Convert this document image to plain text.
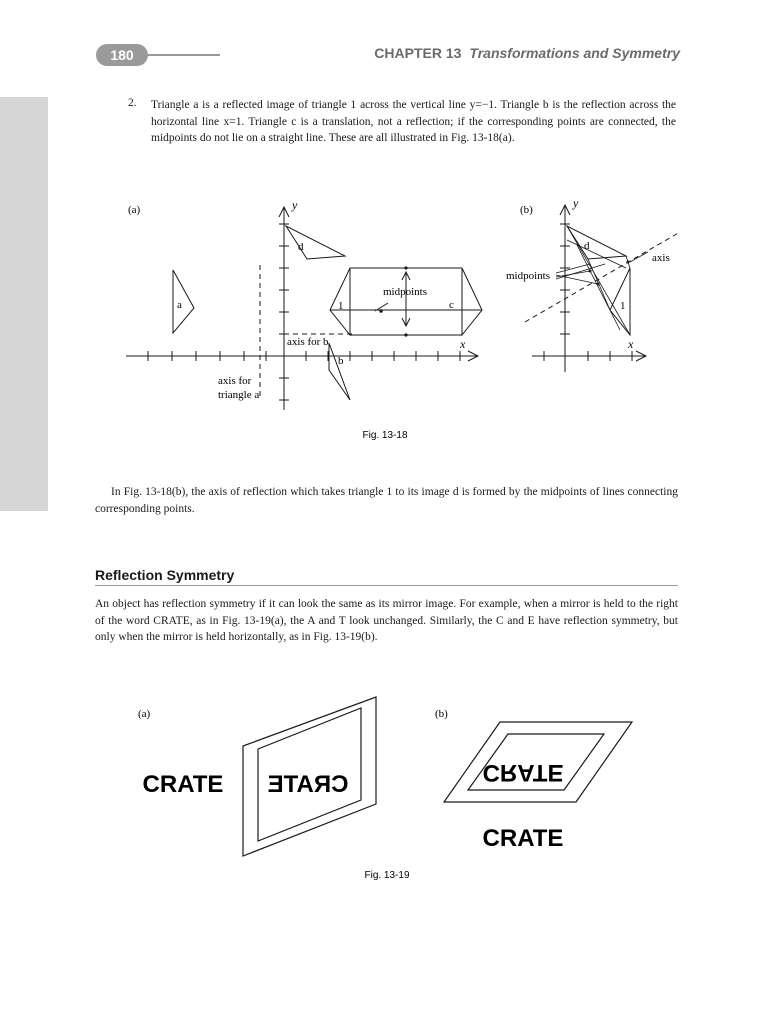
180	CHAPTER 13 Transformations and Symmetry
2. Triangle a is a reflected image of triangle 1 across the vertical line y=−1. Triangle b is the reflection across the horizontal line x=1. Triangle c is a translation, not a reflection; if the corresponding points are connected, the midpoints do not lie on a straight line. These are all illustrated in Fig. 13-18(a).
(a)	y
x
a	1	c
b
d
midpoints
axis for b
axis for
triangle a
(b)	y
x
d
1
midpoints
axis
Fig. 13-18
In Fig. 13-18(b), the axis of reflection which takes triangle 1 to its image d is formed by the midpoints of lines connecting corresponding points.
Reflection Symmetry
An object has reflection symmetry if it can look the same as its mirror image. For example, when a mirror is held to the right of the word CRATE, as in Fig. 13-19(a), the A and T look unchanged. Similarly, the C and E have reflection symmetry, but only when the mirror is held horizontally, as in Fig. 13-19(b).
(a)	(b)
CRATE CRATE	CRATE
CRATE
Fig. 13-19
